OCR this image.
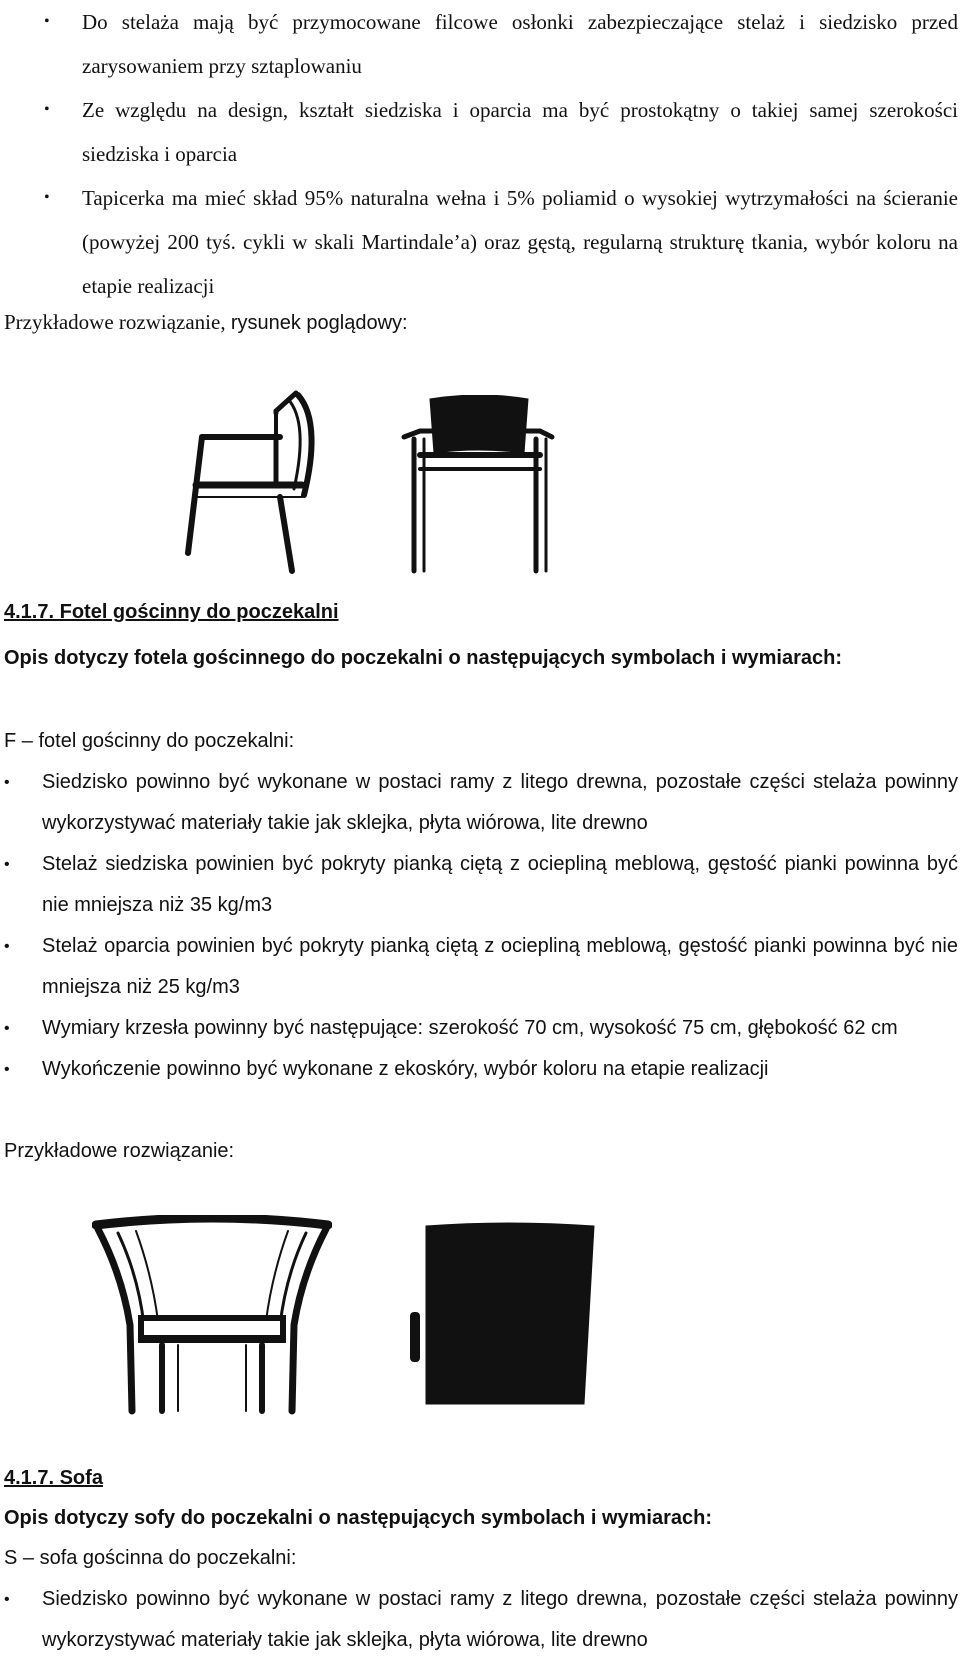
• Do stelaża mają być przymocowane filcowe osłonki zabezpieczające stelaż i siedzisko przed zarysowaniem przy sztaplowaniu
• Ze względu na design, kształt siedziska i oparcia ma być prostokątny o takiej samej szerokości siedziska i oparcia
• Tapicerka ma mieć skład 95% naturalna wełna i 5% poliamid o wysokiej wytrzymałości na ścieranie (powyżej 200 tyś. cykli w skali Martindale’a) oraz gęstą, regularną strukturę tkania, wybór koloru na etapie realizacji
Przykładowe rozwiązanie, rysunek poglądowy:
4.1.7. Fotel gościnny do poczekalni
Opis dotyczy fotela gościnnego do poczekalni o następujących symbolach i wymiarach:
F – fotel gościnny do poczekalni:
• Siedzisko powinno być wykonane w postaci ramy z litego drewna, pozostałe części stelaża powinny wykorzystywać materiały takie jak sklejka, płyta wiórowa, lite drewno
• Stelaż siedziska powinien być pokryty pianką ciętą z ociepliną meblową, gęstość pianki powinna być nie mniejsza niż 35 kg/m3
• Stelaż oparcia powinien być pokryty pianką ciętą z ociepliną meblową, gęstość pianki powinna być nie mniejsza niż 25 kg/m3
• Wymiary krzesła powinny być następujące: szerokość 70 cm, wysokość 75 cm, głębokość 62 cm
• Wykończenie powinno być wykonane z ekoskóry, wybór koloru na etapie realizacji
Przykładowe rozwiązanie:
4.1.7. Sofa
Opis dotyczy sofy do poczekalni o następujących symbolach i wymiarach:
S – sofa gościnna do poczekalni:
• Siedzisko powinno być wykonane w postaci ramy z litego drewna, pozostałe części stelaża powinny wykorzystywać materiały takie jak sklejka, płyta wiórowa, lite drewno
